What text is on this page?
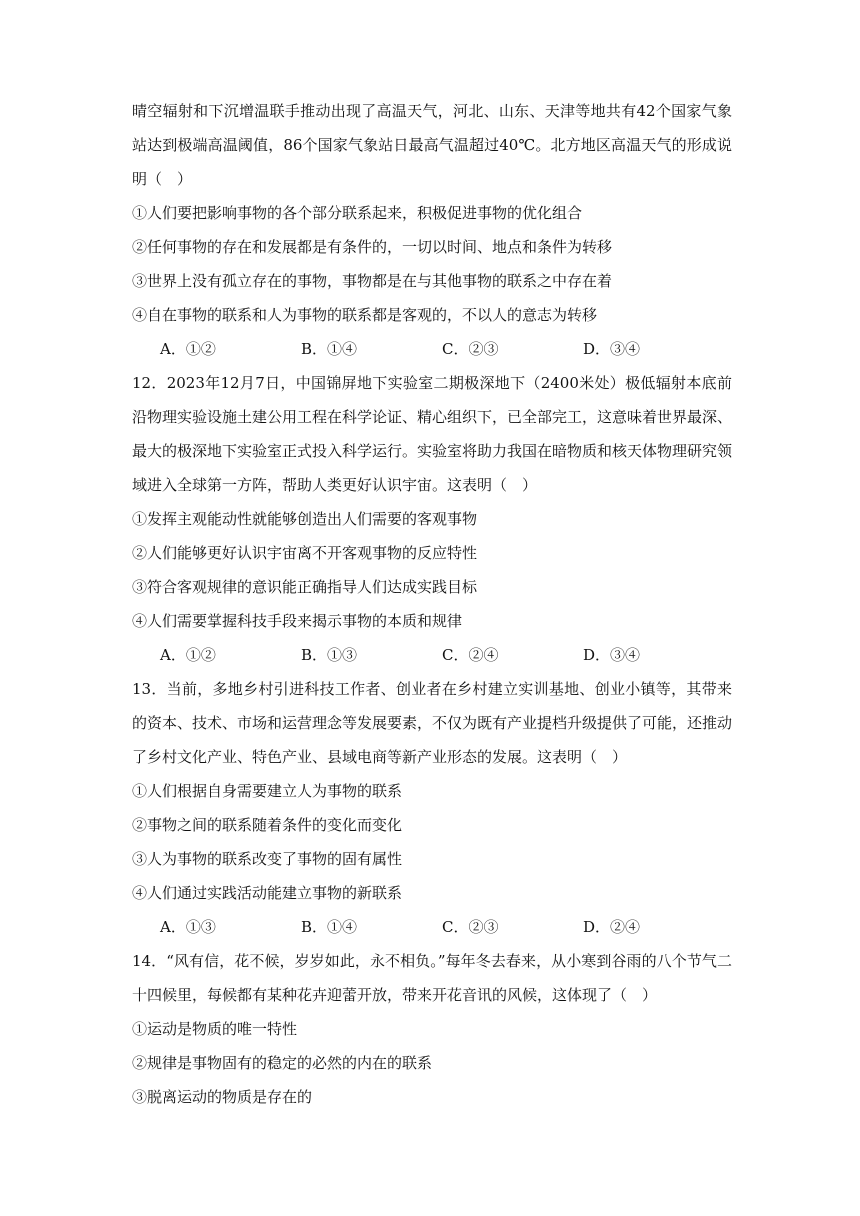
晴空辐射和下沉增温联手推动出现了高温天气，河北、山东、天津等地共有42个国家气象站达到极端高温阈值，86个国家气象站日最高气温超过40℃。北方地区高温天气的形成说明（　）
①人们要把影响事物的各个部分联系起来，积极促进事物的优化组合
②任何事物的存在和发展都是有条件的，一切以时间、地点和条件为转移
③世界上没有孤立存在的事物，事物都是在与其他事物的联系之中存在着
④自在事物的联系和人为事物的联系都是客观的，不以人的意志为转移
A．①②	B．①④	C．②③	D．③④
12．2023年12月7日，中国锦屏地下实验室二期极深地下（2400米处）极低辐射本底前沿物理实验设施土建公用工程在科学论证、精心组织下，已全部完工，这意味着世界最深、最大的极深地下实验室正式投入科学运行。实验室将助力我国在暗物质和核天体物理研究领域进入全球第一方阵，帮助人类更好认识宇宙。这表明（　）
①发挥主观能动性就能够创造出人们需要的客观事物
②人们能够更好认识宇宙离不开客观事物的反应特性
③符合客观规律的意识能正确指导人们达成实践目标
④人们需要掌握科技手段来揭示事物的本质和规律
A．①②	B．①③	C．②④	D．③④
13．当前，多地乡村引进科技工作者、创业者在乡村建立实训基地、创业小镇等，其带来的资本、技术、市场和运营理念等发展要素，不仅为既有产业提档升级提供了可能，还推动了乡村文化产业、特色产业、县域电商等新产业形态的发展。这表明（　）
①人们根据自身需要建立人为事物的联系
②事物之间的联系随着条件的变化而变化
③人为事物的联系改变了事物的固有属性
④人们通过实践活动能建立事物的新联系
A．①③	B．①④	C．②③	D．②④
14．“风有信，花不候，岁岁如此，永不相负。”每年冬去春来，从小寒到谷雨的八个节气二十四候里，每候都有某种花卉迎蕾开放，带来开花音讯的风候，这体现了（　）
①运动是物质的唯一特性
②规律是事物固有的稳定的必然的内在的联系
③脱离运动的物质是存在的
